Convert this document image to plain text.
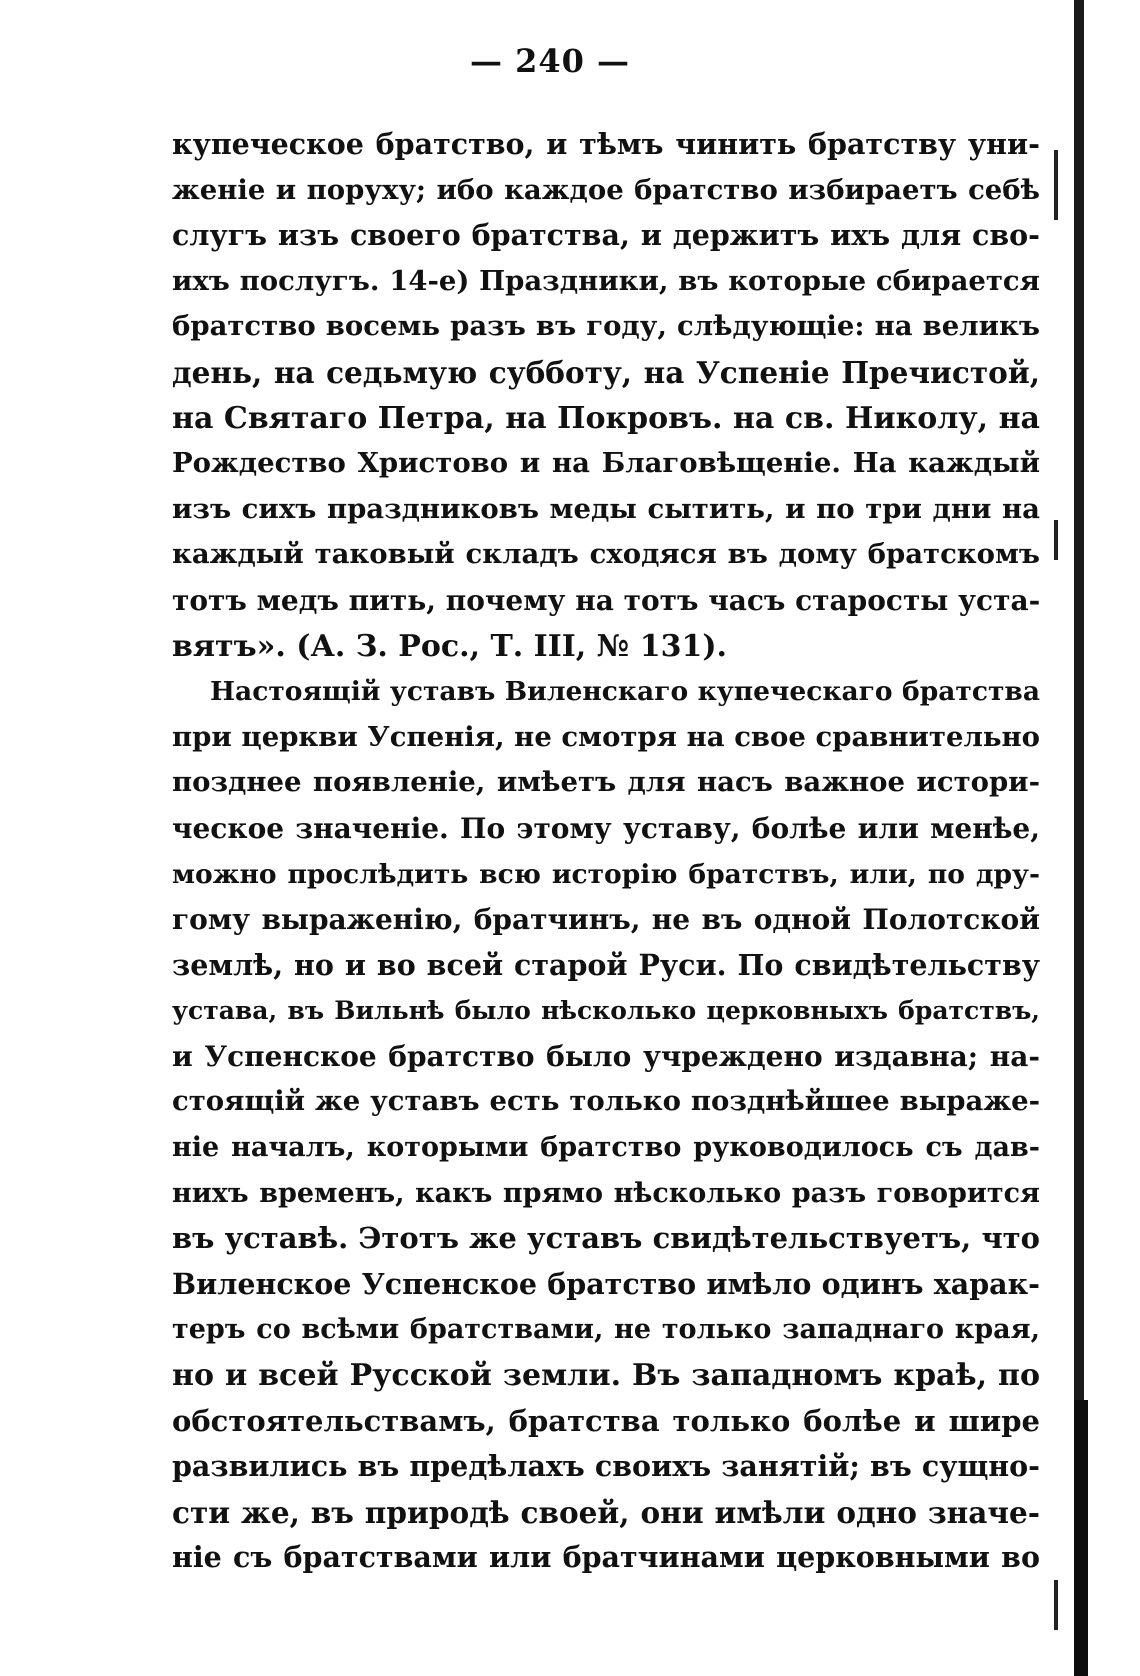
— 240 —
купеческое братство, и тѣмъ чинить братству уни-
женіе и поруху; ибо каждое братство избираетъ себѣ
слугъ изъ своего братства, и держитъ ихъ для сво-
ихъ послугъ. 14-е) Праздники, въ которые сбирается
братство восемь разъ въ году, слѣдующіе: на великъ
день, на седьмую субботу, на Успеніе Пречистой,
на Святаго Петра, на Покровъ. на св. Николу, на
Рождество Христово и на Благовѣщеніе. На каждый
изъ сихъ праздниковъ меды сытить, и по три дни на
каждый таковый складъ сходяся въ дому братскомъ
тотъ медъ пить, почему на тотъ часъ старосты уста-
вятъ». (А. З. Рос., Т. III, № 131).
Настоящій уставъ Виленскаго купеческаго братства
при церкви Успенія, не смотря на свое сравнительно
позднее появленіе, имѣетъ для насъ важное истори-
ческое значеніе. По этому уставу, болѣе или менѣе,
можно прослѣдить всю исторію братствъ, или, по дру-
гому выраженію, братчинъ, не въ одной Полотской
землѣ, но и во всей старой Руси. По свидѣтельству
устава, въ Вильнѣ было нѣсколько церковныхъ братствъ,
и Успенское братство было учреждено издавна; на-
стоящій же уставъ есть только позднѣйшее выраже-
ніе началъ, которыми братство руководилось съ дав-
нихъ временъ, какъ прямо нѣсколько разъ говорится
въ уставѣ. Этотъ же уставъ свидѣтельствуетъ, что
Виленское Успенское братство имѣло одинъ харак-
теръ со всѣми братствами, не только западнаго края,
но и всей Русской земли. Въ западномъ краѣ, по
обстоятельствамъ, братства только болѣе и шире
развились въ предѣлахъ своихъ занятій; въ сущно-
сти же, въ природѣ своей, они имѣли одно значе-
ніе съ братствами или братчинами церковными во
